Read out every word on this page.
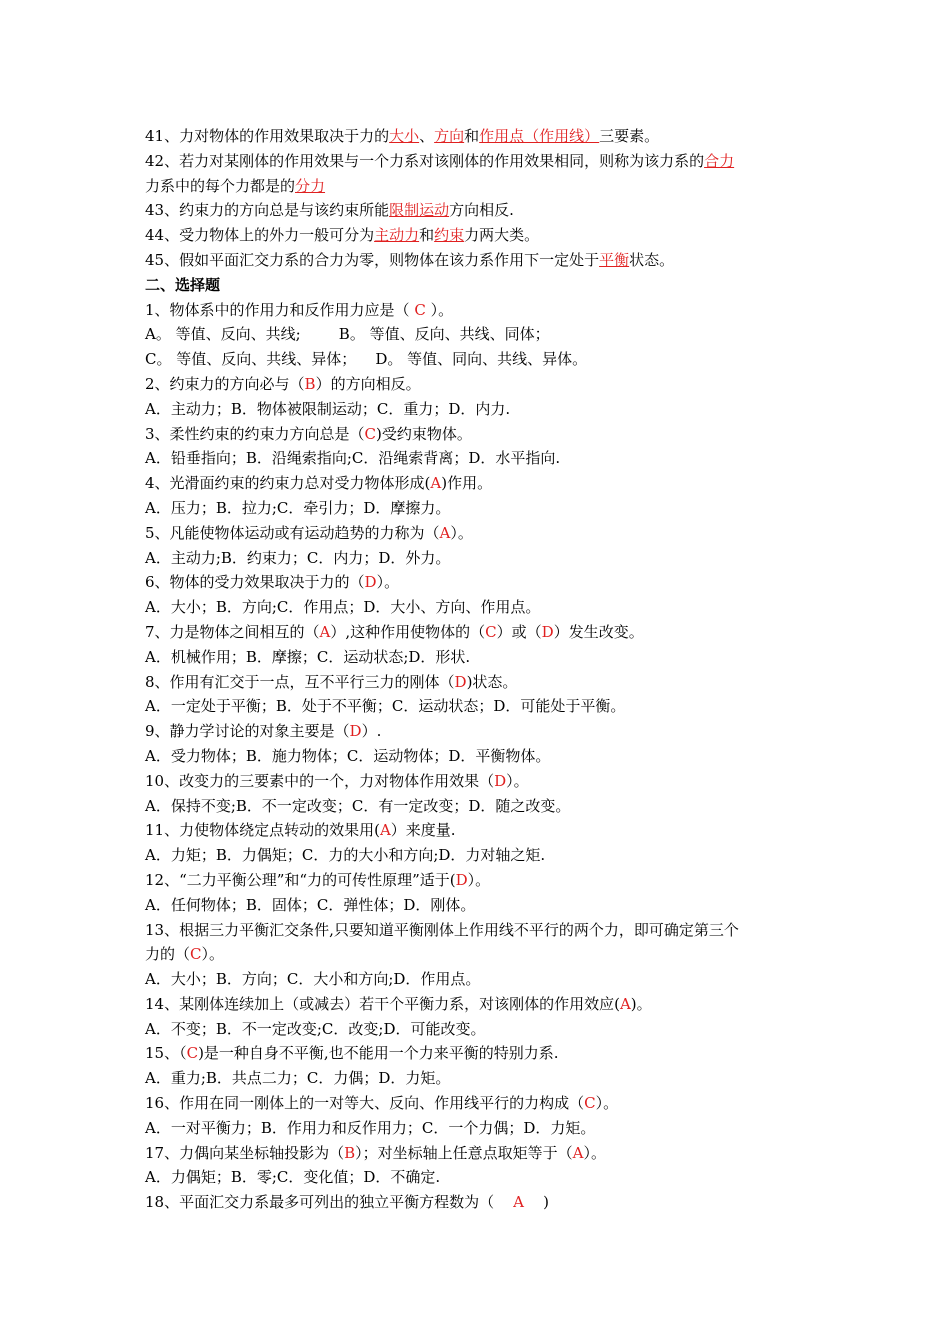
41、力对物体的作用效果取决于力的大小、方向和作用点（作用线）三要素。
42、若力对某刚体的作用效果与一个力系对该刚体的作用效果相同，则称为该力系的合力
力系中的每个力都是的分力
43、约束力的方向总是与该约束所能限制运动方向相反.
44、受力物体上的外力一般可分为主动力和约束力两大类。
45、假如平面汇交力系的合力为零，则物体在该力系作用下一定处于平衡状态。
二、选择题
1、物体系中的作用力和反作用力应是（ C ）。
A。 等值、反向、共线;        B。 等值、反向、共线、同体；
C。 等值、反向、共线、异体；    D。 等值、同向、共线、异体。
2、约束力的方向必与（B）的方向相反。
A．主动力；B．物体被限制运动；C．重力；D．内力.
3、柔性约束的约束力方向总是（C)受约束物体。
A．铅垂指向；B．沿绳索指向;C．沿绳索背离；D．水平指向.
4、光滑面约束的约束力总对受力物体形成(A)作用。
A．压力；B．拉力;C．牵引力；D．摩擦力。
5、凡能使物体运动或有运动趋势的力称为（A）。
A．主动力;B．约束力；C．内力；D．外力。
6、物体的受力效果取决于力的（D）。
A．大小；B．方向;C．作用点；D．大小、方向、作用点。
7、力是物体之间相互的（A）,这种作用使物体的（C）或（D）发生改变。
A．机械作用；B．摩擦；C．运动状态;D．形状.
8、作用有汇交于一点，互不平行三力的刚体（D)状态。
A．一定处于平衡；B．处于不平衡；C．运动状态；D．可能处于平衡。
9、静力学讨论的对象主要是（D）.
A．受力物体；B．施力物体；C．运动物体；D．平衡物体。
10、改变力的三要素中的一个，力对物体作用效果（D）。
A．保持不变;B．不一定改变；C．有一定改变；D．随之改变。
11、力使物体绕定点转动的效果用(A）来度量.
A．力矩；B．力偶矩；C．力的大小和方向;D．力对轴之矩.
12、“二力平衡公理”和“力的可传性原理”适于(D）。
A．任何物体；B．固体；C．弹性体；D．刚体。
13、根据三力平衡汇交条件,只要知道平衡刚体上作用线不平行的两个力，即可确定第三个
力的（C）。
A．大小；B．方向；C．大小和方向;D．作用点。
14、某刚体连续加上（或减去）若干个平衡力系，对该刚体的作用效应(A)。
A．不变；B．不一定改变;C．改变;D．可能改变。
15、（C)是一种自身不平衡,也不能用一个力来平衡的特别力系.
A．重力;B．共点二力；C．力偶；D．力矩。
16、作用在同一刚体上的一对等大、反向、作用线平行的力构成（C）。
A．一对平衡力；B．作用力和反作用力；C．一个力偶；D．力矩。
17、力偶向某坐标轴投影为（B）；对坐标轴上任意点取矩等于（A）。
A．力偶矩；B．零;C．变化值；D．不确定.
18、平面汇交力系最多可列出的独立平衡方程数为（    A    )
